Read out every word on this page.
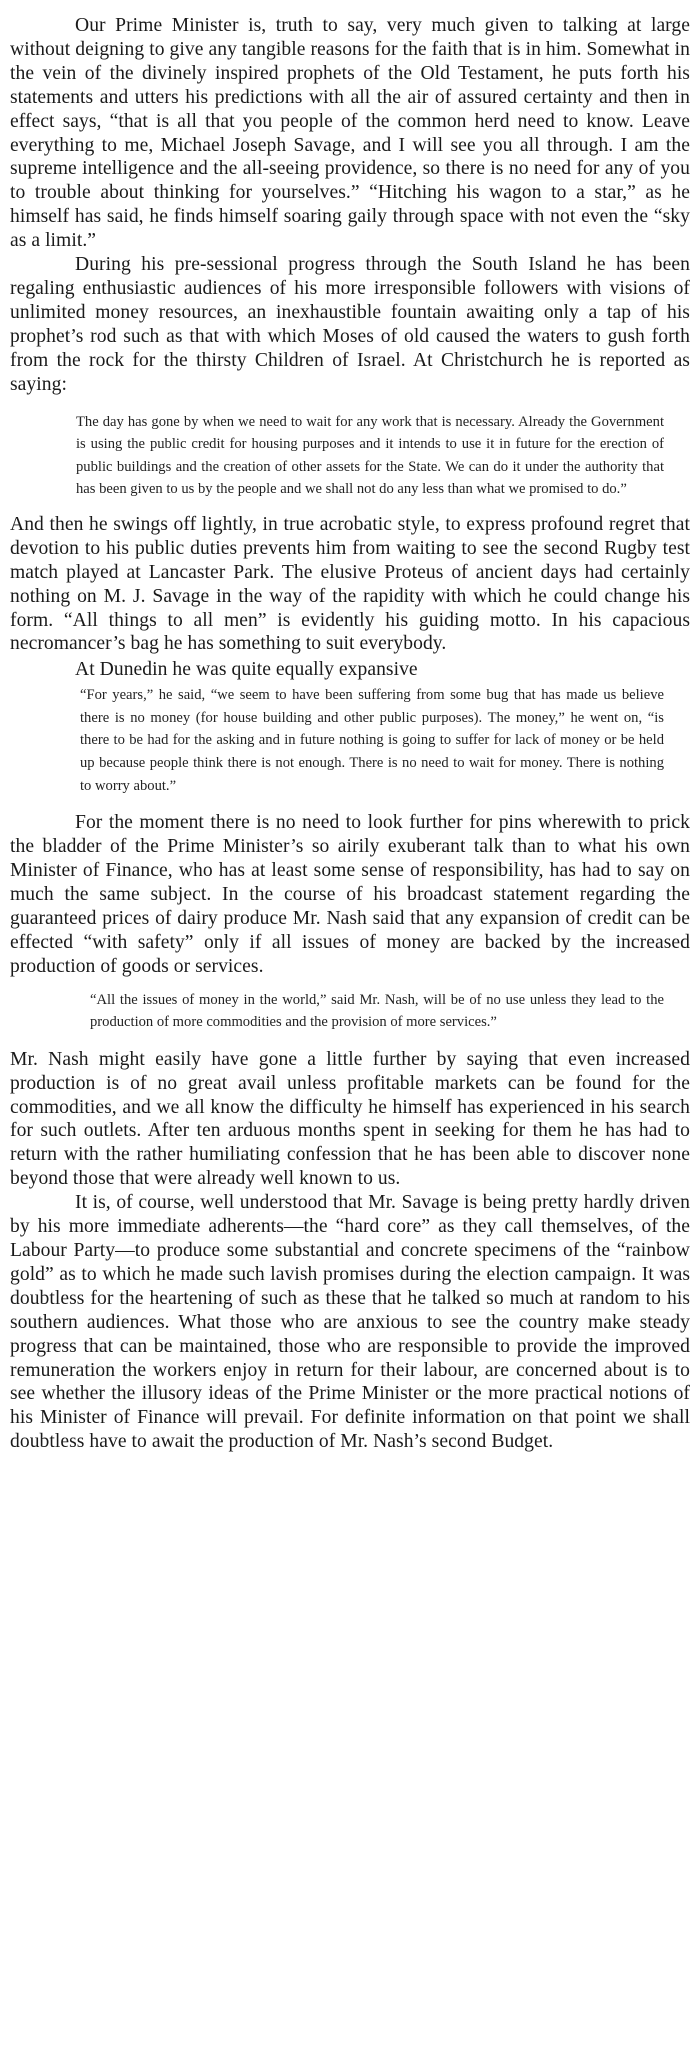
Our Prime Minister is, truth to say, very much given to talking at large without deigning to give any tangible reasons for the faith that is in him. Somewhat in the vein of the divinely inspired prophets of the Old Testament, he puts forth his statements and utters his predictions with all the air of assured certainty and then in effect says, “that is all that you people of the common herd need to know. Leave everything to me, Michael Joseph Savage, and I will see you all through. I am the supreme intelligence and the all-seeing providence, so there is no need for any of you to trouble about thinking for yourselves.” “Hitching his wagon to a star,” as he himself has said, he finds himself soaring gaily through space with not even the “sky as a limit.”

During his pre-sessional progress through the South Island he has been regaling enthusiastic audiences of his more irresponsible followers with visions of unlimited money resources, an inexhaustible fountain awaiting only a tap of his prophet’s rod such as that with which Moses of old caused the waters to gush forth from the rock for the thirsty Children of Israel. At Christchurch he is reported as saying:

The day has gone by when we need to wait for any work that is necessary. Already the Government is using the public credit for housing purposes and it intends to use it in future for the erection of public buildings and the creation of other assets for the State. We can do it under the authority that has been given to us by the people and we shall not do any less than what we promised to do.”

And then he swings off lightly, in true acrobatic style, to express profound regret that devotion to his public duties prevents him from waiting to see the second Rugby test match played at Lancaster Park. The elusive Proteus of ancient days had certainly nothing on M. J. Savage in the way of the rapidity with which he could change his form. “All things to all men” is evidently his guiding motto. In his capacious necromancer’s bag he has something to suit everybody.

At Dunedin he was quite equally expansive

“For years,” he said, “we seem to have been suffering from some bug that has made us believe there is no money (for house building and other public purposes). The money,” he went on, “is there to be had for the asking and in future nothing is going to suffer for lack of money or be held up because people think there is not enough. There is no need to wait for money. There is nothing to worry about.”

For the moment there is no need to look further for pins wherewith to prick the bladder of the Prime Minister’s so airily exuberant talk than to what his own Minister of Finance, who has at least some sense of responsibility, has had to say on much the same subject. In the course of his broadcast statement regarding the guaranteed prices of dairy produce Mr. Nash said that any expansion of credit can be effected “with safety” only if all issues of money are backed by the increased production of goods or services.

“All the issues of money in the world,” said Mr. Nash, will be of no use unless they lead to the production of more commodities and the provision of more services.”

Mr. Nash might easily have gone a little further by saying that even increased production is of no great avail unless profitable markets can be found for the commodities, and we all know the difficulty he himself has experienced in his search for such outlets. After ten arduous months spent in seeking for them he has had to return with the rather humiliating confession that he has been able to discover none beyond those that were already well known to us.

It is, of course, well understood that Mr. Savage is being pretty hardly driven by his more immediate adherents—the “hard core” as they call themselves, of the Labour Party—to produce some substantial and concrete specimens of the “rainbow gold” as to which he made such lavish promises during the election campaign. It was doubtless for the heartening of such as these that he talked so much at random to his southern audiences. What those who are anxious to see the country make steady progress that can be maintained, those who are responsible to provide the improved remuneration the workers enjoy in return for their labour, are concerned about is to see whether the illusory ideas of the Prime Minister or the more practical notions of his Minister of Finance will prevail. For definite information on that point we shall doubtless have to await the production of Mr. Nash’s second Budget.
